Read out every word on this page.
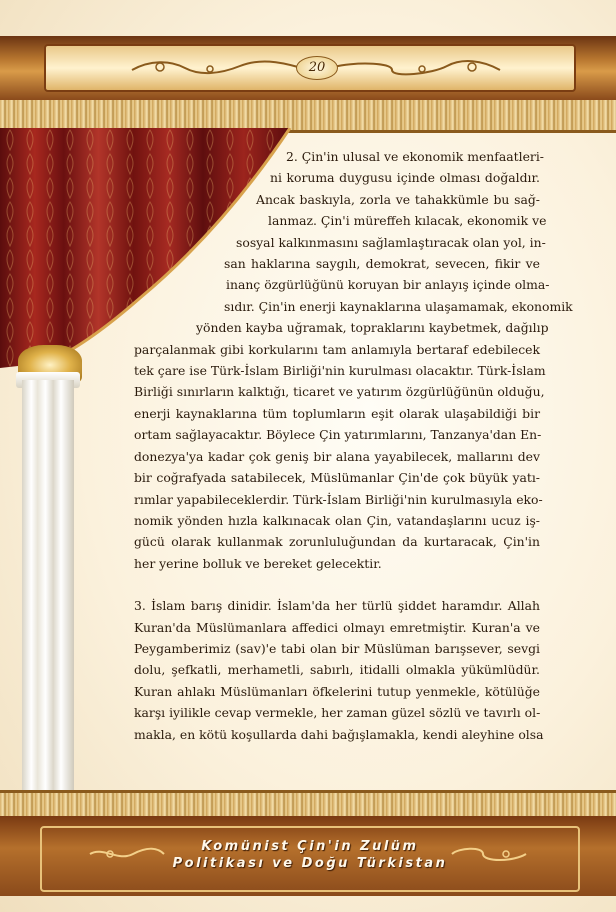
20
2. Çin'in ulusal ve ekonomik menfaatleri-
ni koruma duygusu içinde olması doğaldır.
Ancak baskıyla, zorla ve tahakkümle bu sağ-
lanmaz. Çin'i müreffeh kılacak, ekonomik ve
sosyal kalkınmasını sağlamlaştıracak olan yol, in-
san haklarına saygılı, demokrat, sevecen, fikir ve
inanç özgürlüğünü koruyan bir anlayış içinde olma-
sıdır. Çin'in enerji kaynaklarına ulaşamamak, ekonomik
yönden kayba uğramak, topraklarını kaybetmek, dağılıp
parçalanmak gibi korkularını tam anlamıyla bertaraf edebilecek
tek çare ise Türk-İslam Birliği'nin kurulması olacaktır. Türk-İslam
Birliği sınırların kalktığı, ticaret ve yatırım özgürlüğünün olduğu,
enerji kaynaklarına tüm toplumların eşit olarak ulaşabildiği bir
ortam sağlayacaktır. Böylece Çin yatırımlarını, Tanzanya'dan En-
donezya'ya kadar çok geniş bir alana yayabilecek, mallarını dev
bir coğrafyada satabilecek, Müslümanlar Çin'de çok büyük yatı-
rımlar yapabileceklerdir. Türk-İslam Birliği'nin kurulmasıyla eko-
nomik yönden hızla kalkınacak olan Çin, vatandaşlarını ucuz iş-
gücü olarak kullanmak zorunluluğundan da kurtaracak, Çin'in
her yerine bolluk ve bereket gelecektir.
3. İslam barış dinidir. İslam'da her türlü şiddet haramdır. Allah
Kuran'da Müslümanlara affedici olmayı emretmiştir. Kuran'a ve
Peygamberimiz (sav)'e tabi olan bir Müslüman barışsever, sevgi
dolu, şefkatli, merhametli, sabırlı, itidalli olmakla yükümlüdür.
Kuran ahlakı Müslümanları öfkelerini tutup yenmekle, kötülüğe
karşı iyilikle cevap vermekle, her zaman güzel sözlü ve tavırlı ol-
makla, en kötü koşullarda dahi bağışlamakla, kendi aleyhine olsa
Komünist Çin'in Zulüm
Politikası ve Doğu Türkistan
